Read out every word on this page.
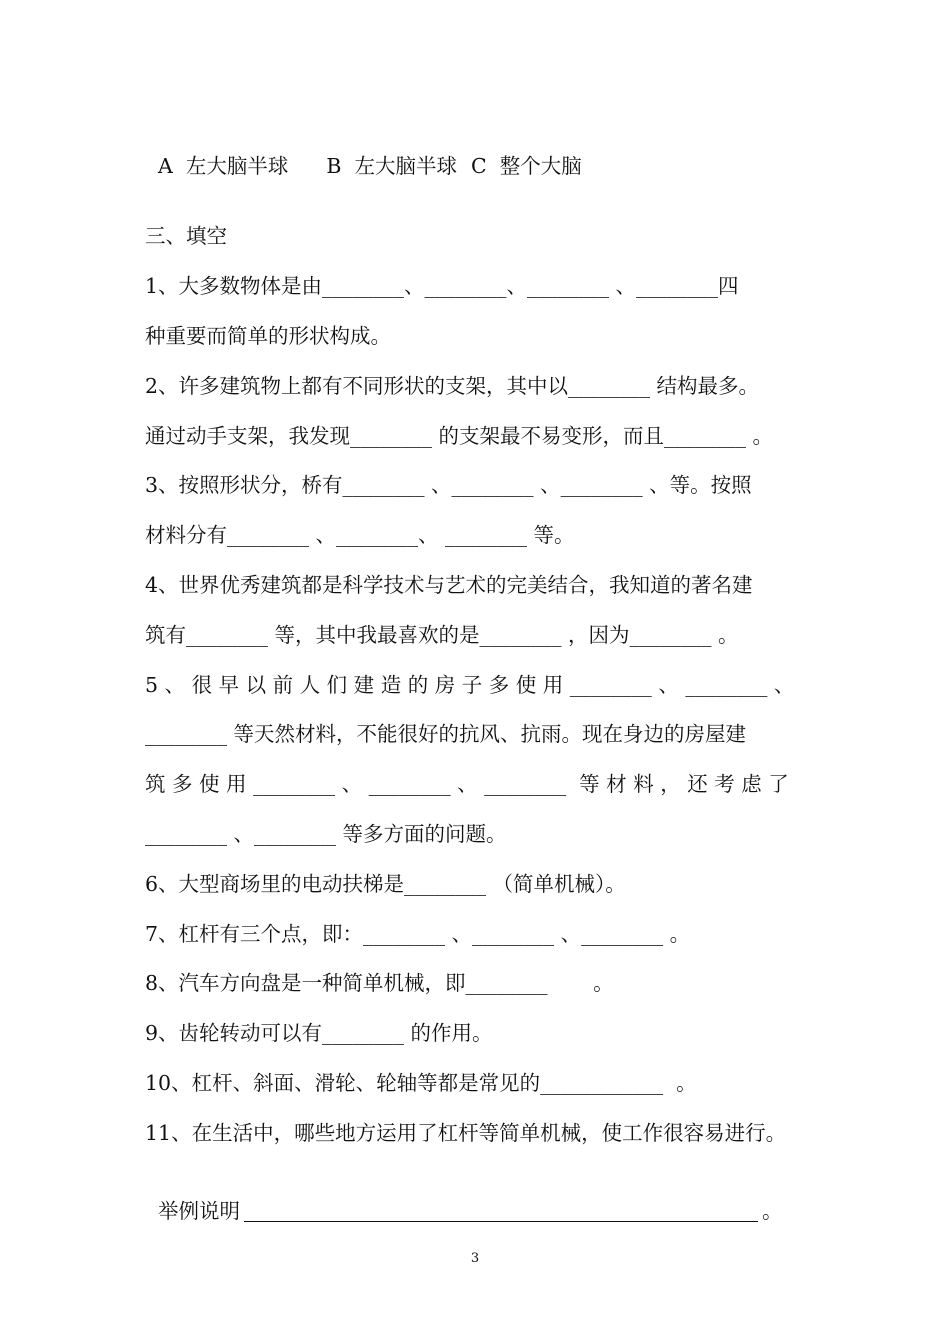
A  左大脑半球 B  左大脑半球 C  整个大脑

三、填空
1、大多数物体是由________、________、________ 、________四
种重要而简单的形状构成。
2、许多建筑物上都有不同形状的支架，其中以________ 结构最多。
通过动手支架，我发现________ 的支架最不易变形，而且________ 。
3、按照形状分，桥有________ 、________ 、________ 、等。按照
材料分有________ 、________、 ________ 等。
4、世界优秀建筑都是科学技术与艺术的完美结合，我知道的著名建
筑有________ 等，其中我最喜欢的是________ ，因为________ 。
5 、 很 早 以 前 人 们 建 造 的 房 子 多 使 用 ________ 、 ________ 、
________ 等天然材料，不能很好的抗风、抗雨。现在身边的房屋建
筑 多 使 用 ________ 、 ________ 、 ________  等 材 料 ， 还 考 虑 了
________ 、________ 等多方面的问题。
6、大型商场里的电动扶梯是________ （简单机械）。
7、杠杆有三个点，即：________ 、________ 、________ 。
8、汽车方向盘是一种简单机械，即________       。
9、齿轮转动可以有________ 的作用。
10、杠杆、斜面、滑轮、轮轴等都是常见的____________  。
11、在生活中，哪些地方运用了杠杆等简单机械，使工作很容易进行。

举例说明	。

3
